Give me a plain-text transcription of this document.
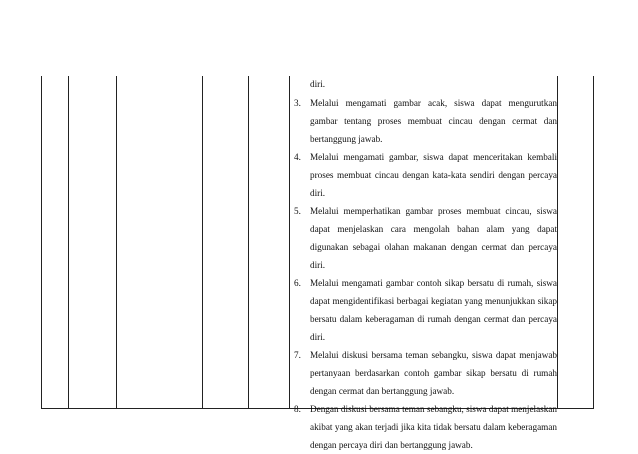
diri.
3. Melalui mengamati gambar acak, siswa dapat mengurutkan gambar tentang proses membuat cincau dengan cermat dan bertanggung jawab.
4. Melalui mengamati gambar, siswa dapat menceritakan kembali proses membuat cincau dengan kata-kata sendiri dengan percaya diri.
5. Melalui memperhatikan gambar proses membuat cincau, siswa dapat menjelaskan cara mengolah bahan alam yang dapat digunakan sebagai olahan makanan dengan cermat dan percaya diri.
6. Melalui mengamati gambar contoh sikap bersatu di rumah, siswa dapat mengidentifikasi berbagai kegiatan yang menunjukkan sikap bersatu dalam keberagaman di rumah dengan cermat dan percaya diri.
7. Melalui diskusi bersama teman sebangku, siswa dapat menjawab pertanyaan berdasarkan contoh gambar sikap bersatu di rumah dengan cermat dan bertanggung jawab.
8. Dengan diskusi bersama teman sebangku, siswa dapat menjelaskan akibat yang akan terjadi jika kita tidak bersatu dalam keberagaman dengan percaya diri dan bertanggung jawab.
